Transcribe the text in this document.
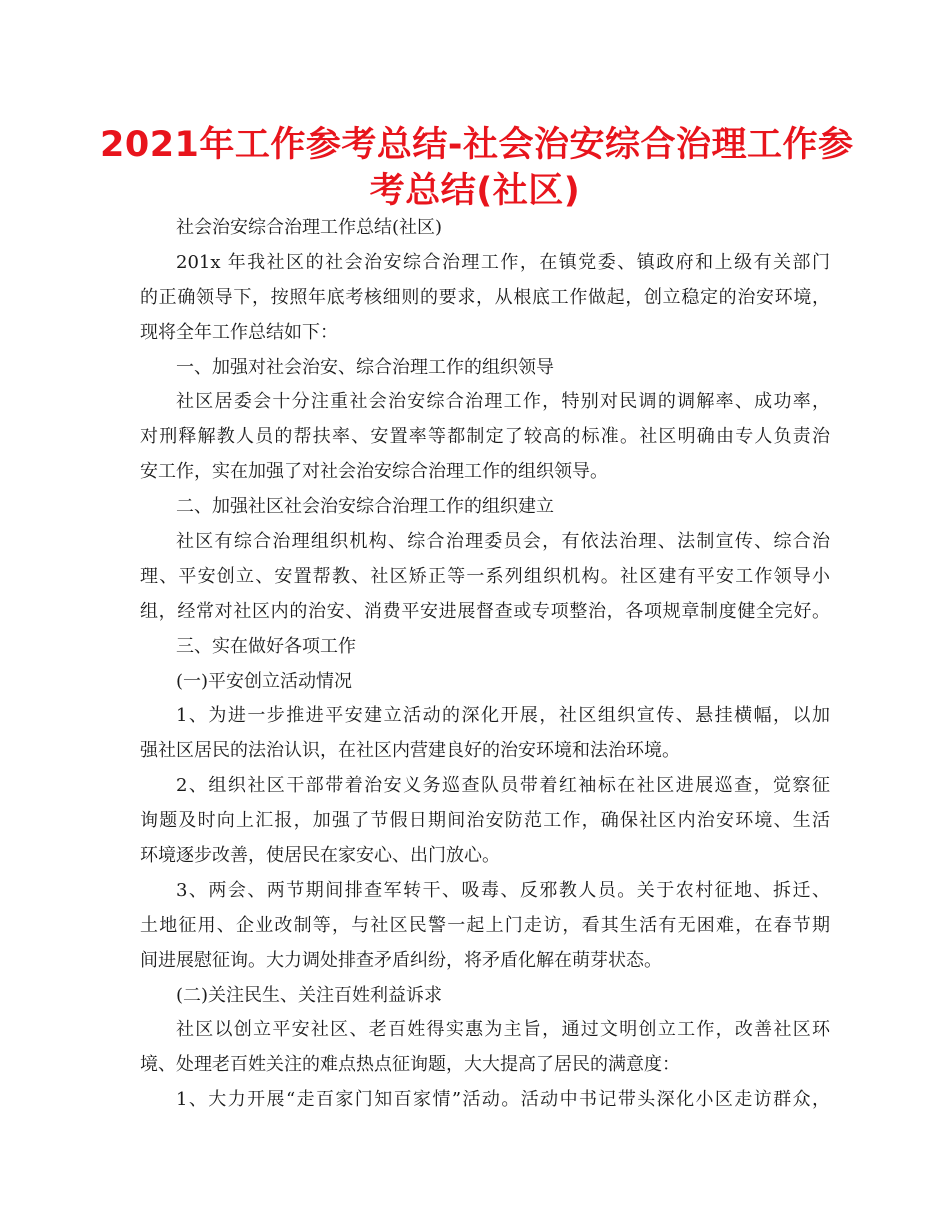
2021年工作参考总结-社会治安综合治理工作参
考总结(社区)
社会治安综合治理工作总结(社区)
201x 年我社区的社会治安综合治理工作，在镇党委、镇政府和上级有关部门
的正确领导下，按照年底考核细则的要求，从根底工作做起，创立稳定的治安环境，
现将全年工作总结如下：
一、加强对社会治安、综合治理工作的组织领导
社区居委会十分注重社会治安综合治理工作，特别对民调的调解率、成功率，
对刑释解教人员的帮扶率、安置率等都制定了较高的标准。社区明确由专人负责治
安工作，实在加强了对社会治安综合治理工作的组织领导。
二、加强社区社会治安综合治理工作的组织建立
社区有综合治理组织机构、综合治理委员会，有依法治理、法制宣传、综合治
理、平安创立、安置帮教、社区矫正等一系列组织机构。社区建有平安工作领导小
组，经常对社区内的治安、消费平安进展督查或专项整治，各项规章制度健全完好。
三、实在做好各项工作
(一)平安创立活动情况
1、为进一步推进平安建立活动的深化开展，社区组织宣传、悬挂横幅，以加
强社区居民的法治认识，在社区内营建良好的治安环境和法治环境。
2、组织社区干部带着治安义务巡查队员带着红袖标在社区进展巡查，觉察征
询题及时向上汇报，加强了节假日期间治安防范工作，确保社区内治安环境、生活
环境逐步改善，使居民在家安心、出门放心。
3、两会、两节期间排查军转干、吸毒、反邪教人员。关于农村征地、拆迁、
土地征用、企业改制等，与社区民警一起上门走访，看其生活有无困难，在春节期
间进展慰征询。大力调处排查矛盾纠纷，将矛盾化解在萌芽状态。
(二)关注民生、关注百姓利益诉求
社区以创立平安社区、老百姓得实惠为主旨，通过文明创立工作，改善社区环
境、处理老百姓关注的难点热点征询题，大大提高了居民的满意度：
1、大力开展“走百家门知百家情”活动。活动中书记带头深化小区走访群众，
